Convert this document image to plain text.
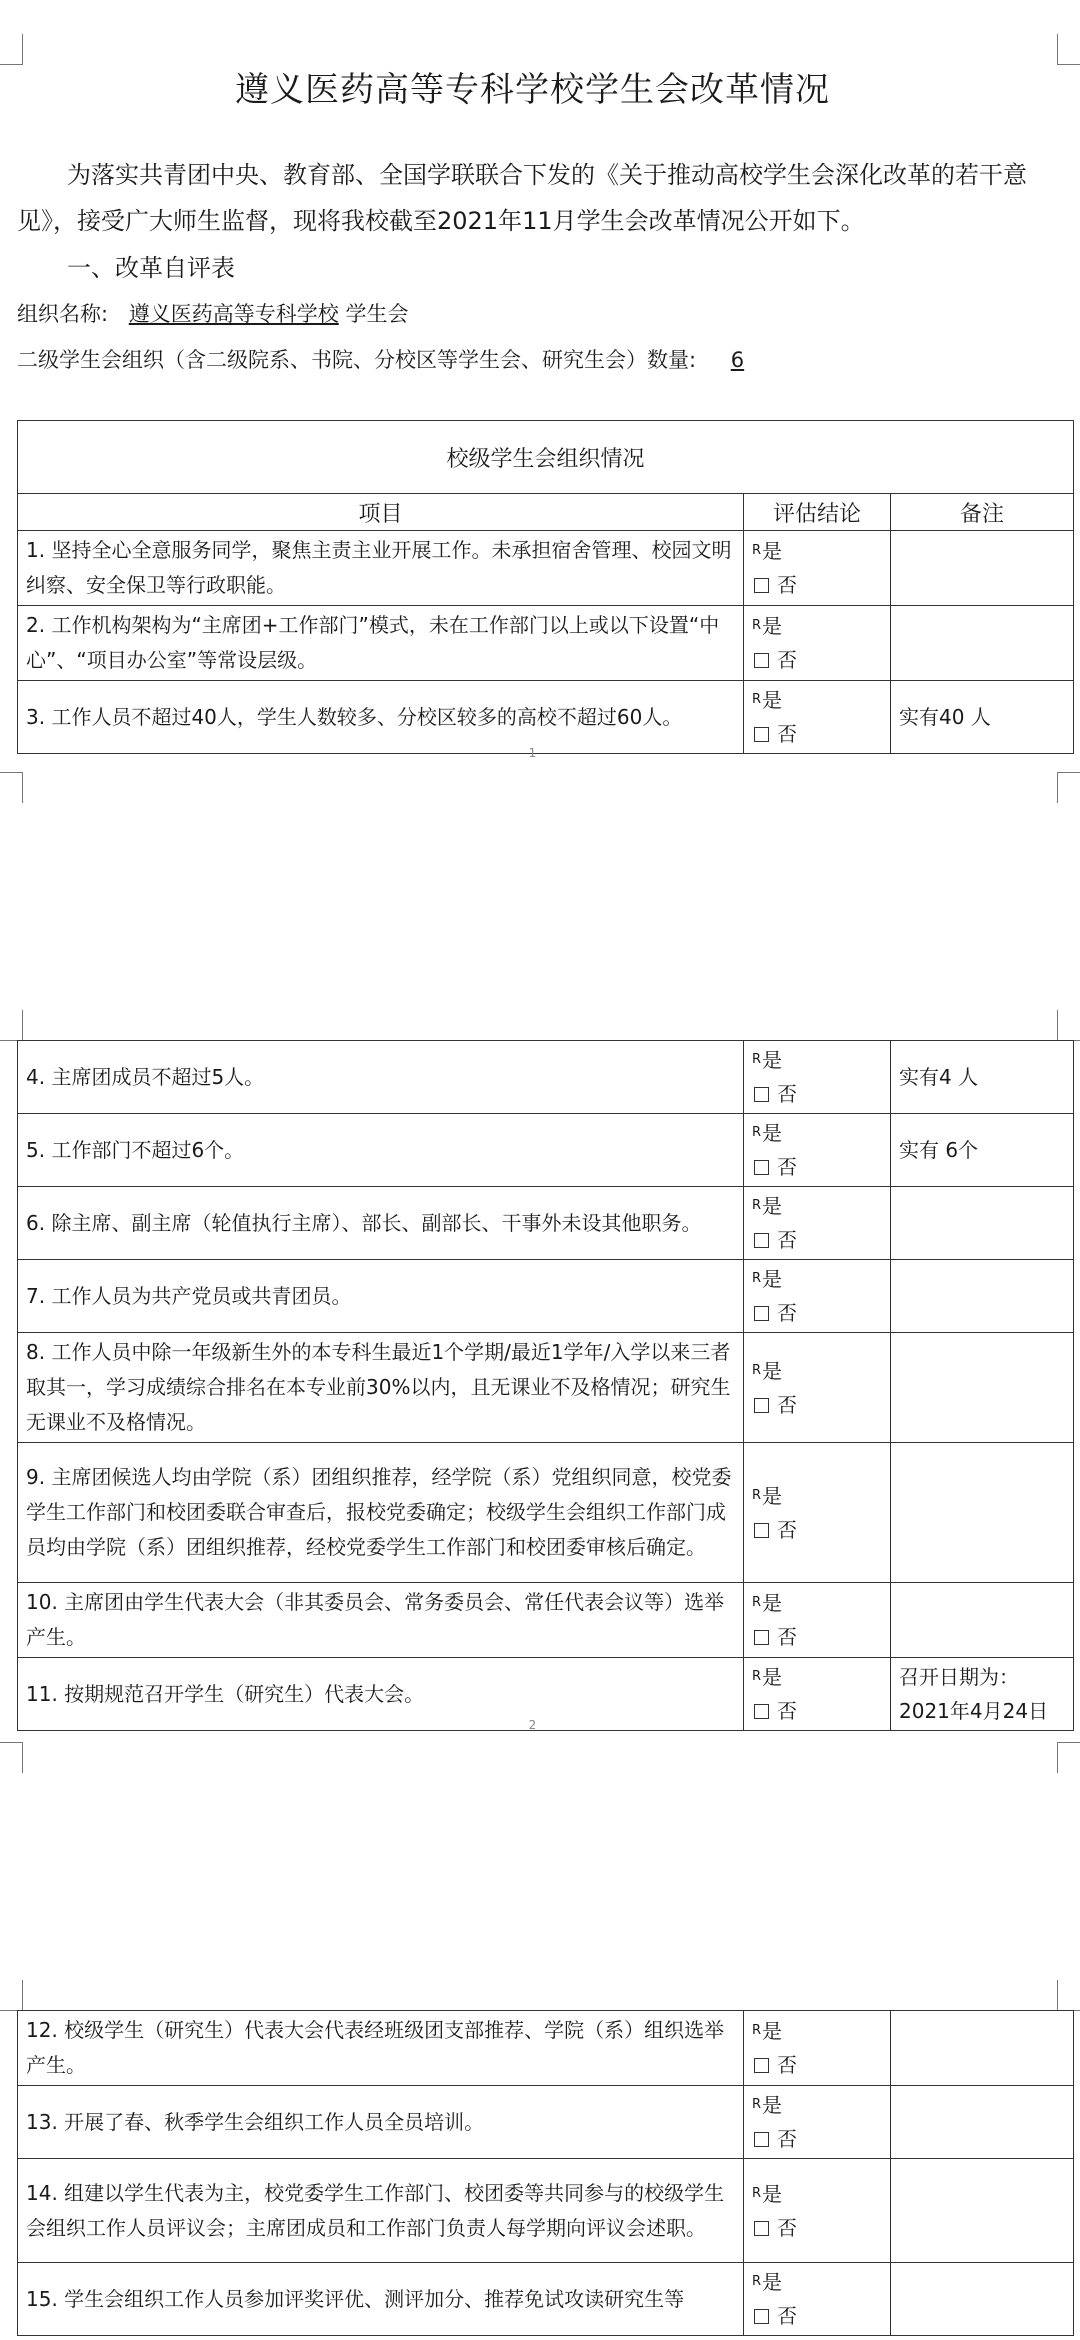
遵义医药高等专科学校学生会改革情况
为落实共青团中央、教育部、全国学联联合下发的《关于推动高校学生会深化改革的若干意见》，接受广大师生监督，现将我校截至2021年11月学生会改革情况公开如下。
一、改革自评表
组织名称: 遵义医药高等专科学校 学生会
二级学生会组织（含二级院系、书院、分校区等学生会、研究生会）数量: 6
校级学生会组织情况		
项目	评估结论	备注
1. 坚持全心全意服务同学，聚焦主责主业开展工作。未承担宿舍管理、校园文明纠察、安全保卫等行政职能。	$^R$是
否	

2. 工作机构架构为“主席团+工作部门”模式，未在工作部门以上或以下设置“中心”、“项目办公室”等常设层级。	$^R$是
否	

3. 工作人员不超过40人，学生人数较多、分校区较多的高校不超过60人。	$^R$是
否	实有40 人
1
4. 主席团成员不超过5人。	$^R$是
否	实有4 人
5. 工作部门不超过6个。	$^R$是
否	实有 6个
6. 除主席、副主席（轮值执行主席）、部长、副部长、干事外未设其他职务。	$^R$是
否	

7. 工作人员为共产党员或共青团员。	$^R$是
否	

8. 工作人员中除一年级新生外的本专科生最近1个学期/最近1学年/入学以来三者取其一，学习成绩综合排名在本专业前30%以内，且无课业不及格情况；研究生无课业不及格情况。	$^R$是
否	

9. 主席团候选人均由学院（系）团组织推荐，经学院（系）党组织同意，校党委学生工作部门和校团委联合审查后，报校党委确定；校级学生会组织工作部门成员均由学院（系）团组织推荐，经校党委学生工作部门和校团委审核后确定。	$^R$是
否	

10. 主席团由学生代表大会（非其委员会、常务委员会、常任代表会议等）选举产生。	$^R$是
否	

11. 按期规范召开学生（研究生）代表大会。	$^R$是
否	召开日期为：2021年4月24日
2
12. 校级学生（研究生）代表大会代表经班级团支部推荐、学院（系）组织选举产生。	$^R$是
否	

13. 开展了春、秋季学生会组织工作人员全员培训。	$^R$是
否	

14. 组建以学生代表为主，校党委学生工作部门、校团委等共同参与的校级学生会组织工作人员评议会；主席团成员和工作部门负责人每学期向评议会述职。	$^R$是
否	

15. 学生会组织工作人员参加评奖评优、测评加分、推荐免试攻读研究生等	$^R$是
否	
